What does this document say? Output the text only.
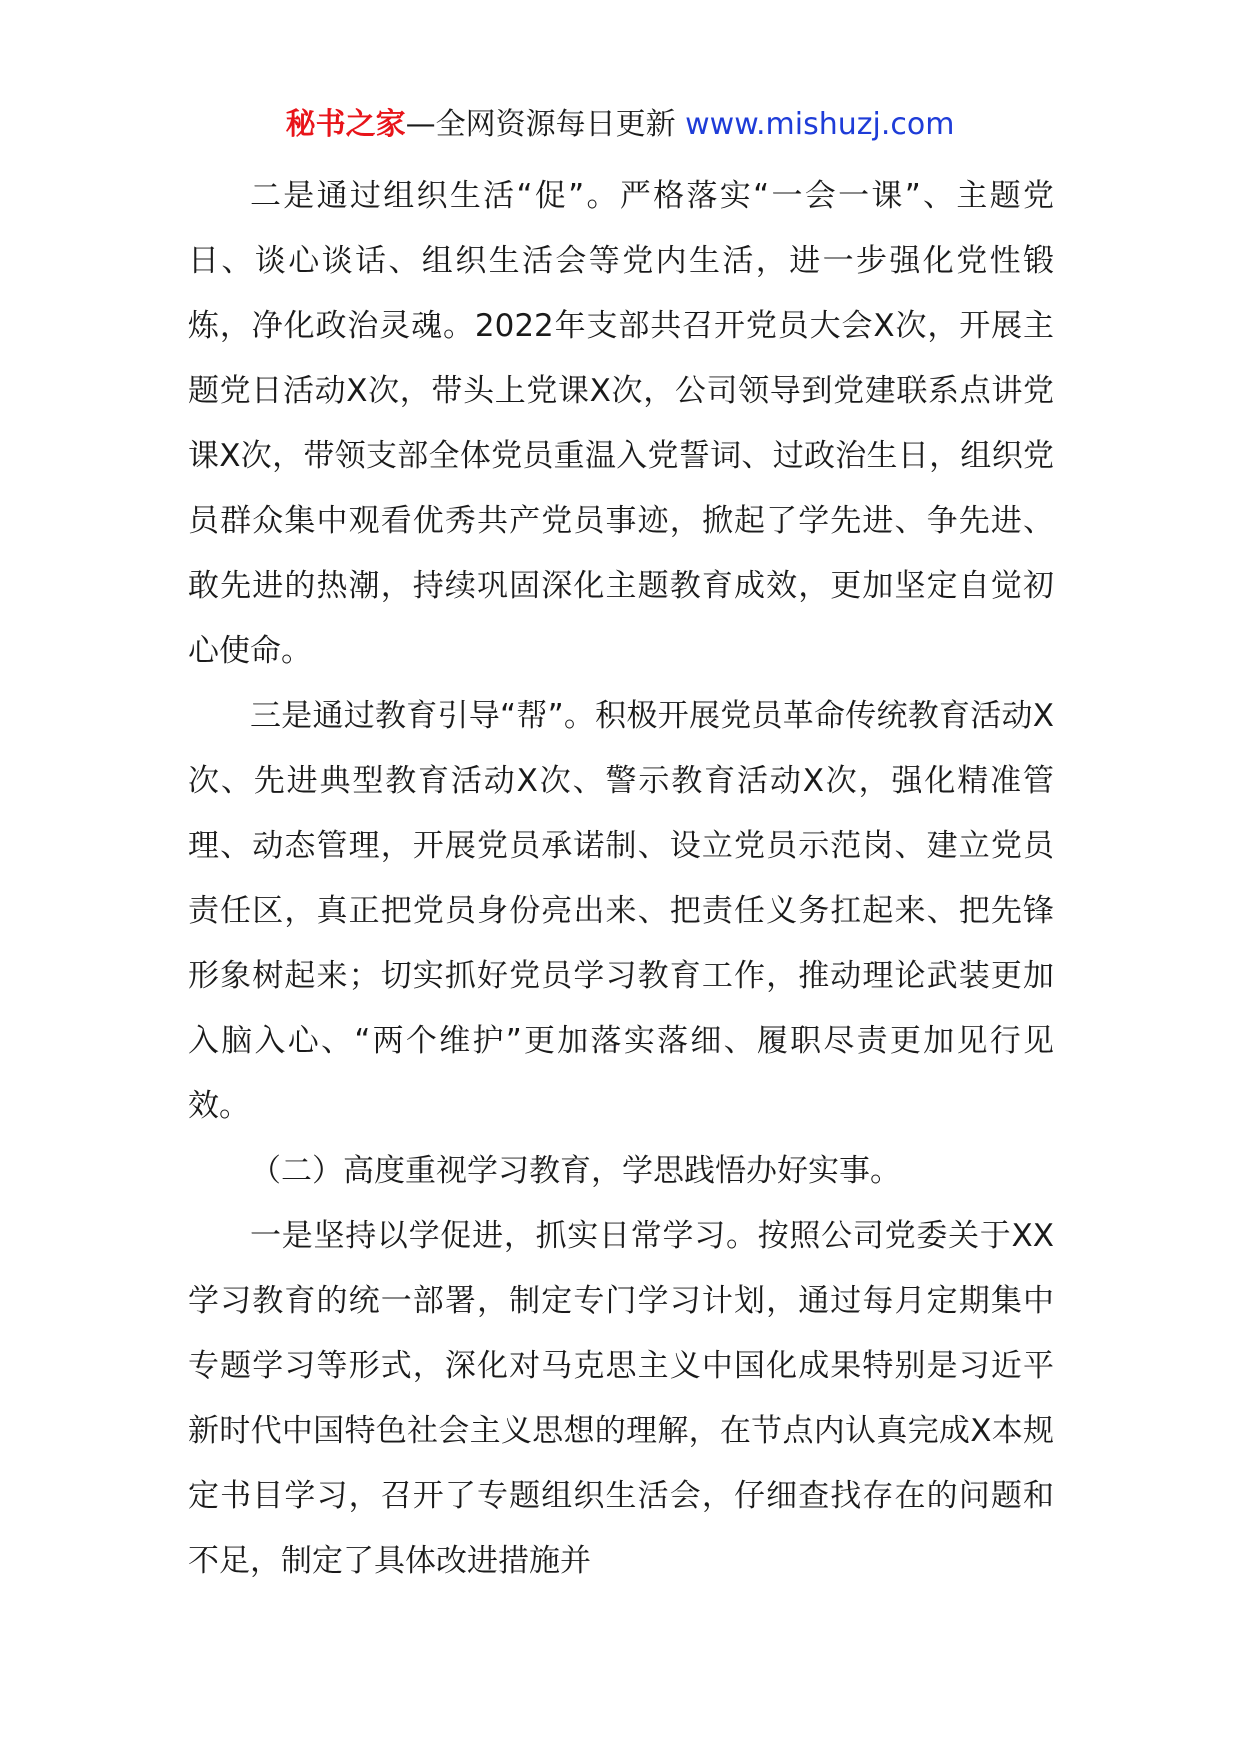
秘书之家—全网资源每日更新 www.mishuzj.com

二是通过组织生活“促”。严格落实“一会一课”、主题党日、谈心谈话、组织生活会等党内生活，进一步强化党性锻炼，净化政治灵魂。2022年支部共召开党员大会X次，开展主题党日活动X次，带头上党课X次，公司领导到党建联系点讲党课X次，带领支部全体党员重温入党誓词、过政治生日，组织党员群众集中观看优秀共产党员事迹，掀起了学先进、争先进、敢先进的热潮，持续巩固深化主题教育成效，更加坚定自觉初心使命。

三是通过教育引导“帮”。积极开展党员革命传统教育活动X次、先进典型教育活动X次、警示教育活动X次，强化精准管理、动态管理，开展党员承诺制、设立党员示范岗、建立党员责任区，真正把党员身份亮出来、把责任义务扛起来、把先锋形象树起来；切实抓好党员学习教育工作，推动理论武装更加入脑入心、“两个维护”更加落实落细、履职尽责更加见行见效。

（二）高度重视学习教育，学思践悟办好实事。

一是坚持以学促进，抓实日常学习。按照公司党委关于XX学习教育的统一部署，制定专门学习计划，通过每月定期集中专题学习等形式，深化对马克思主义中国化成果特别是习近平新时代中国特色社会主义思想的理解，在节点内认真完成X本规定书目学习，召开了专题组织生活会，仔细查找存在的问题和不足，制定了具体改进措施并
